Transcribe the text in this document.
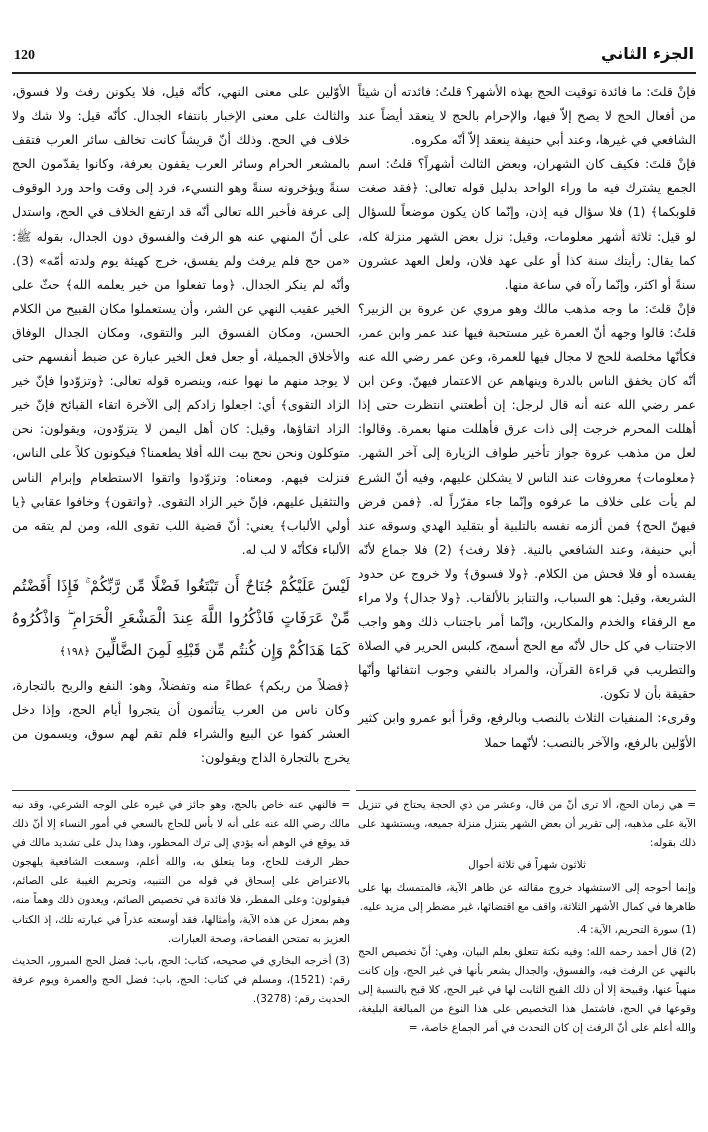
120	الجزء الثاني

فإنْ قلتَ: ما فائدة توقيت الحج بهذه الأشهر؟ قلتُ: فائدته أن شيئاً من أفعال الحج لا يصح إلاّ فيها، والإحرام بالحج لا ينعقد أيضاً عند الشافعي في غيرها، وعند أبي حنيفة ينعقد إلاّ أنّه مكروه.

فإنْ قلتَ: فكيف كان الشهران، وبعض الثالث أشهراً؟ قلتُ: اسم الجمع يشترك فيه ما وراء الواحد بدليل قوله تعالى: ﴿فقد صغت قلوبكما﴾ (1) فلا سؤال فيه إذن، وإنّما كان يكون موضعاً للسؤال لو قيل: ثلاثة أشهر معلومات، وقيل: نزل بعض الشهر منزلة كله، كما يقال: رأيتك سنة كذا أو على عهد فلان، ولعل العهد عشرون سنةً أو اكثر، وإنّما رآه في ساعة منها.

فإنْ قلتَ: ما وجه مذهب مالك وهو مروي عن عروة بن الزبير؟ قلتُ: قالوا وجهه أنّ العمرة غير مستحبة فيها عند عمر وابن عمر، فكأنّها مخلصة للحج لا مجال فيها للعمرة، وعن عمر رضي الله عنه أنّه كان يخفق الناس بالدرة وينهاهم عن الاعتمار فيهنّ. وعن ابن عمر رضي الله عنه أنه قال لرجل: إن أطعتني انتظرت حتى إذا أهللت المحرم خرجت إلى ذات عرق فأهللت منها بعمرة. وقالوا: لعل من مذهب عروة جواز تأخير طواف الزيارة إلى آخر الشهر. ﴿معلومات﴾ معروفات عند الناس لا يشكلن عليهم، وفيه أنّ الشرع لم يأت على خلاف ما عرفوه وإنّما جاء مقرّراً له. ﴿فمن فرض فيهنّ الحج﴾ فمن ألزمه نفسه بالتلبية أو بتقليد الهدي وسوقه عند أبي حنيفة، وعند الشافعي بالنية. ﴿فلا رفث﴾ (2) فلا جماع لأنّه يفسده أو فلا فحش من الكلام. ﴿ولا فسوق﴾ ولا خروج عن حدود الشريعة، وقيل: هو السباب، والتنابز بالألقاب. ﴿ولا جدال﴾ ولا مراء مع الرفقاء والخدم والمكارين، وإنّما أمر باجتناب ذلك وهو واجب الاجتناب في كل حال لأنّه مع الحج أسمج، كلبس الحرير في الصلاة والتطريب في قراءة القرآن، والمراد بالنفي وجوب انتفائها وأنّها حقيقة بأن لا تكون.

وقرىء: المنفيات الثلاث بالنصب وبالرفع، وقرأ أبو عمرو وابن كثير الأوّلين بالرفع، والآخر بالنصب: لأنّهما حملا

الأوّلين على معنى النهي، كأنّه قيل، فلا يكونن رفث ولا فسوق، والثالث على معنى الإخبار بانتفاء الجدال. كأنّه قيل: ولا شك ولا خلاف في الحج. وذلك أنّ قريشاً كانت تخالف سائر العرب فتقف بالمشعر الحرام وسائر العرب يقفون بعرفة، وكانوا يقدّمون الحج سنةً ويؤخرونه سنةً وهو النسيء، فرد إلى وقت واحد ورد الوقوف إلى عرفة فأخبر الله تعالى أنّه قد ارتفع الخلاف في الحج، واستدل على أنّ المنهي عنه هو الرفث والفسوق دون الجدال، بقوله ﷺ: «من حج فلم يرفث ولم يفسق، خرج كهيئة يوم ولدته أمّه» (3). وأنّه لم ينكر الجدال. ﴿وما تفعلوا من خير يعلمه الله﴾ حثّ على الخير عقيب النهي عن الشر، وأن يستعملوا مكان القبيح من الكلام الحسن، ومكان الفسوق البر والتقوى، ومكان الجدال الوفاق والأخلاق الجميلة، أو جعل فعل الخير عبارة عن ضبط أنفسهم حتى لا يوجد منهم ما نهوا عنه، وينصره قوله تعالى: ﴿وتزوّدوا فإنّ خير الزاد التقوى﴾ أي: اجعلوا زادكم إلى الآخرة اتقاء القبائح فإنّ خير الزاد اتقاؤها، وقيل: كان أهل اليمن لا يتزوّدون، ويقولون: نحن متوكلون ونحن نحج بيت الله أفلا يطعمنا؟ فيكونون كلاً على الناس، فنزلت فيهم. ومعناه: وتزوّدوا واتقوا الاستطعام وإبرام الناس والتثقيل عليهم، فإنّ خير الزاد التقوى. ﴿واتقون﴾ وخافوا عقابي ﴿يا أولي الألباب﴾ يعني: أنّ قضية اللب تقوى الله، ومن لم يتقه من الألباء فكأنّه لا لب له.

لَيْسَ عَلَيْكُمْ جُنَاحٌ أَن تَبْتَغُوا فَضْلًا مِّن رَّبِّكُمْ ۚ فَإِذَا أَفَضْتُم مِّنْ عَرَفَاتٍ فَاذْكُرُوا اللَّهَ عِندَ الْمَشْعَرِ الْحَرَامِ ۖ وَاذْكُرُوهُ كَمَا هَدَاكُمْ وَإِن كُنتُم مِّن قَبْلِهِ لَمِنَ الضَّالِّينَ ﴿١٩٨﴾

﴿فضلاً من ربكم﴾ عطاءً منه وتفضلاً، وهو: النفع والربح بالتجارة، وكان ناس من العرب يتأثمون أن يتجروا أيام الحج، وإذا دخل العشر كفوا عن البيع والشراء فلم تقم لهم سوق، ويسمون من يخرج بالتجارة الداج ويقولون:

= هي زمان الحج، ألا ترى أنّ من قال، وعشر من ذي الحجة يحتاج في تنزيل الآية على مذهبه، إلى تقرير أن بعض الشهر يتنزل منزلة جميعه، ويستشهد على ذلك بقوله:

ثلاثون شهراً في ثلاثة أحوال

وإنما أحوجه إلى الاستشهاد خروج مقالته عن ظاهر الآية، فالمتمسك بها على ظاهرها في كمال الأشهر الثلاثة، واقف مع اقتضائها، غير مضطر إلى مزيد عليه.

(1) سورة التحريم، الآية: 4.

(2) قال أحمد رحمه الله: وفيه نكتة تتعلق بعلم البيان، وهي: أنّ تخصيص الحج بالنهي عن الرفث فيه، والفسوق، والجدال يشعر بأنها في غير الحج، وإن كانت منهياً عنها، وقبيحة إلا أن ذلك القبح الثابت لها في غير الحج، كلا قبح بالنسبة إلى وقوعها في الحج، فاشتمل هذا التخصيص على هذا النوع من المبالغة البليغة، والله أعلم على أنّ الرفث إن كان التحدث في أمر الجماع خاصة، =

= فالنهي عنه خاص بالحج، وهو جائز في غيره على الوجه الشرعي، وقد نبه مالك رضي الله عنه على أنه لا بأس للحاج بالسعي في أمور النساء إلا أنّ ذلك قد يوقع في الوهم أنه يؤدي إلى ترك المحظور، وهذا يدل على تشديد مالك في حظر الرفث للحاج، وما يتعلق به، والله أعلم، وسمعت الشافعية يلهجون بالاعتراض على إسحاق في قوله من التنبيه، وتحريم الغيبة على الصائم، فيقولون: وعلى المفطر، فلا فائدة في تخصيص الصائم، ويعدون ذلك وهماً منه، وهم بمعزل عن هذه الآية، وأمثالها، فقد أوسعته عذراً في عبارته تلك، إذ الكتاب العزيز به تمتحن الفصاحة، وصحة العبارات.

(3) أخرجه البخاري في صحيحه، كتاب: الحج، باب: فضل الحج المبرور، الحديث رقم: (1521)، ومسلم في كتاب: الحج، باب: فضل الحج والعمرة ويوم عرفة الحديث رقم: (3278).
